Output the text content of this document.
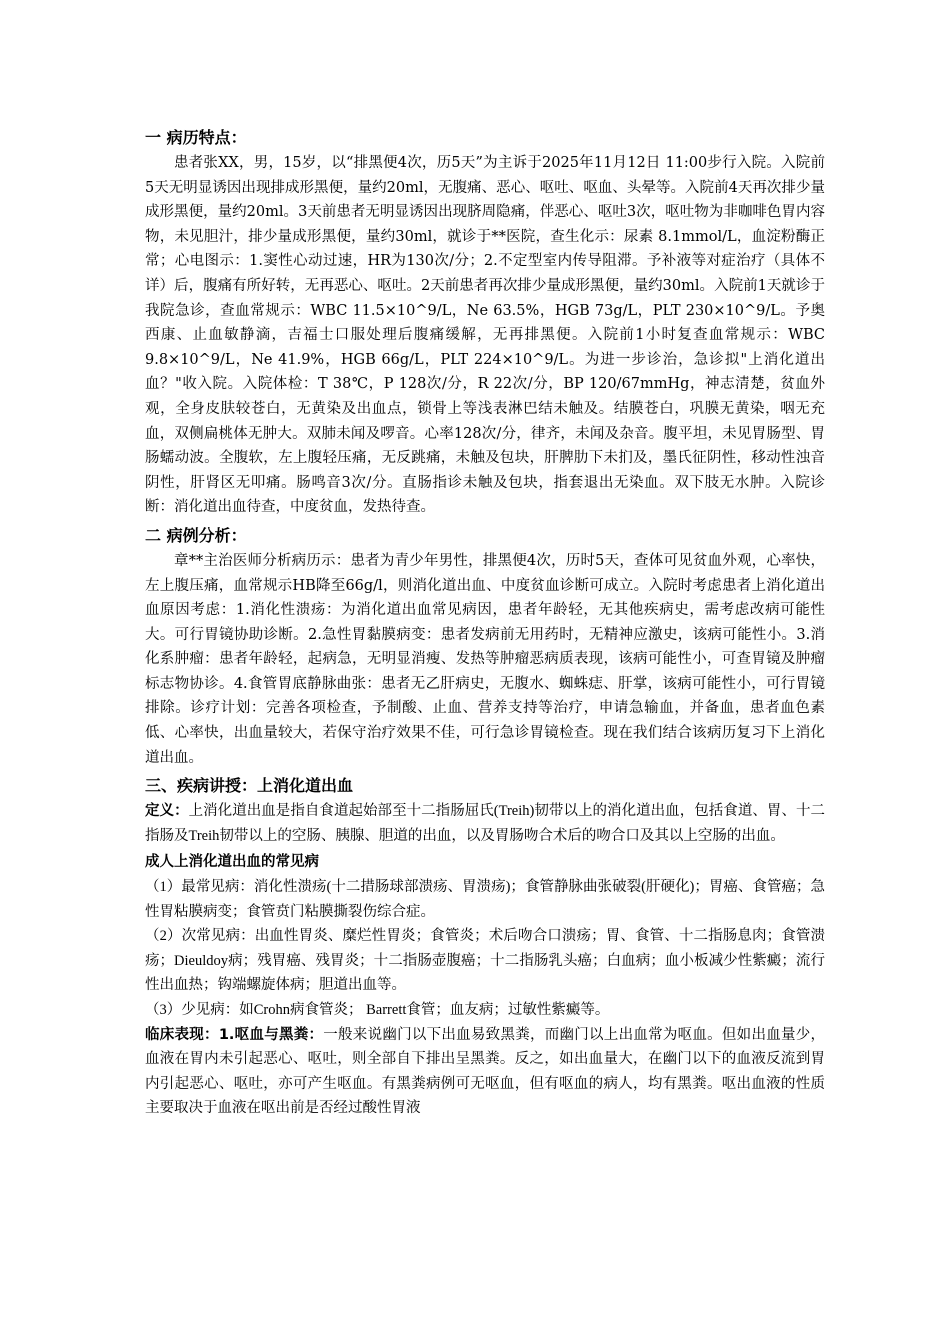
一 病历特点：

患者张XX，男，15岁，以“排黑便4次，历5天”为主诉于2025年11月12日 11:00步行入院。入院前5天无明显诱因出现排成形黑便，量约20ml，无腹痛、恶心、呕吐、呕血、头晕等。入院前4天再次排少量成形黑便，量约20ml。3天前患者无明显诱因出现脐周隐痛，伴恶心、呕吐3次，呕吐物为非咖啡色胃内容物，未见胆汁，排少量成形黑便，量约30ml，就诊于**医院，查生化示：尿素 8.1mmol/L，血淀粉酶正常；心电图示：1.窦性心动过速，HR为130次/分；2.不定型室内传导阻滞。予补液等对症治疗（具体不详）后，腹痛有所好转，无再恶心、呕吐。2天前患者再次排少量成形黑便，量约30ml。入院前1天就诊于我院急诊，查血常规示：WBC 11.5×10^9/L，Ne 63.5%，HGB 73g/L，PLT 230×10^9/L。予奥西康、止血敏静滴，吉福士口服处理后腹痛缓解，无再排黑便。入院前1小时复查血常规示：WBC 9.8×10^9/L，Ne 41.9%，HGB 66g/L，PLT 224×10^9/L。为进一步诊治，急诊拟"上消化道出血？"收入院。入院体检：T 38℃，P 128次/分，R 22次/分，BP 120/67mmHg，神志清楚，贫血外观，全身皮肤较苍白，无黄染及出血点，锁骨上等浅表淋巴结未触及。结膜苍白，巩膜无黄染，咽无充血，双侧扁桃体无肿大。双肺未闻及啰音。心率128次/分，律齐，未闻及杂音。腹平坦，未见胃肠型、胃肠蠕动波。全腹软，左上腹轻压痛，无反跳痛，未触及包块，肝脾肋下未扪及，墨氏征阴性，移动性浊音阴性，肝肾区无叩痛。肠鸣音3次/分。直肠指诊未触及包块，指套退出无染血。双下肢无水肿。入院诊断：消化道出血待查，中度贫血，发热待查。

二 病例分析：

章**主治医师分析病历示：患者为青少年男性，排黑便4次，历时5天，查体可见贫血外观，心率快，左上腹压痛，血常规示HB降至66g/l，则消化道出血、中度贫血诊断可成立。入院时考虑患者上消化道出血原因考虑：1.消化性溃疡：为消化道出血常见病因，患者年龄轻，无其他疾病史，需考虑改病可能性大。可行胃镜协助诊断。2.急性胃黏膜病变：患者发病前无用药时，无精神应激史，该病可能性小。3.消化系肿瘤：患者年龄轻，起病急，无明显消瘦、发热等肿瘤恶病质表现，该病可能性小，可查胃镜及肿瘤标志物协诊。4.食管胃底静脉曲张：患者无乙肝病史，无腹水、蜘蛛痣、肝掌，该病可能性小，可行胃镜排除。诊疗计划：完善各项检查，予制酸、止血、营养支持等治疗，申请急输血，并备血，患者血色素低、心率快，出血量较大，若保守治疗效果不佳，可行急诊胃镜检查。现在我们结合该病历复习下上消化道出血。

三、疾病讲授：上消化道出血

定义：上消化道出血是指自食道起始部至十二指肠屈氏(Treih)韧带以上的消化道出血，包括食道、胃、十二指肠及Treih韧带以上的空肠、胰腺、胆道的出血，以及胃肠吻合术后的吻合口及其以上空肠的出血。

成人上消化道出血的常见病

（1）最常见病：消化性溃疡(十二措肠球部溃疡、胃溃疡)；食管静脉曲张破裂(肝硬化)；胃癌、食管癌；急性胃粘膜病变；食管贲门粘膜撕裂伤综合症。

（2）次常见病：出血性胃炎、糜烂性胃炎；食管炎；术后吻合口溃疡；胃、食管、十二指肠息肉；食管溃疡；Dieuldoy病；残胃癌、残胃炎；十二指肠壶腹癌；十二指肠乳头癌；白血病；血小板减少性紫癜；流行性出血热；钩端螺旋体病；胆道出血等。

（3）少见病：如Crohn病食管炎； Barrett食管；血友病；过敏性紫癜等。

临床表现：1.呕血与黑粪：一般来说幽门以下出血易致黑粪，而幽门以上出血常为呕血。但如出血量少，血液在胃内未引起恶心、呕吐，则全部自下排出呈黑粪。反之，如出血量大，在幽门以下的血液反流到胃内引起恶心、呕吐，亦可产生呕血。有黑粪病例可无呕血，但有呕血的病人，均有黑粪。呕出血液的性质主要取决于血液在呕出前是否经过酸性胃液
